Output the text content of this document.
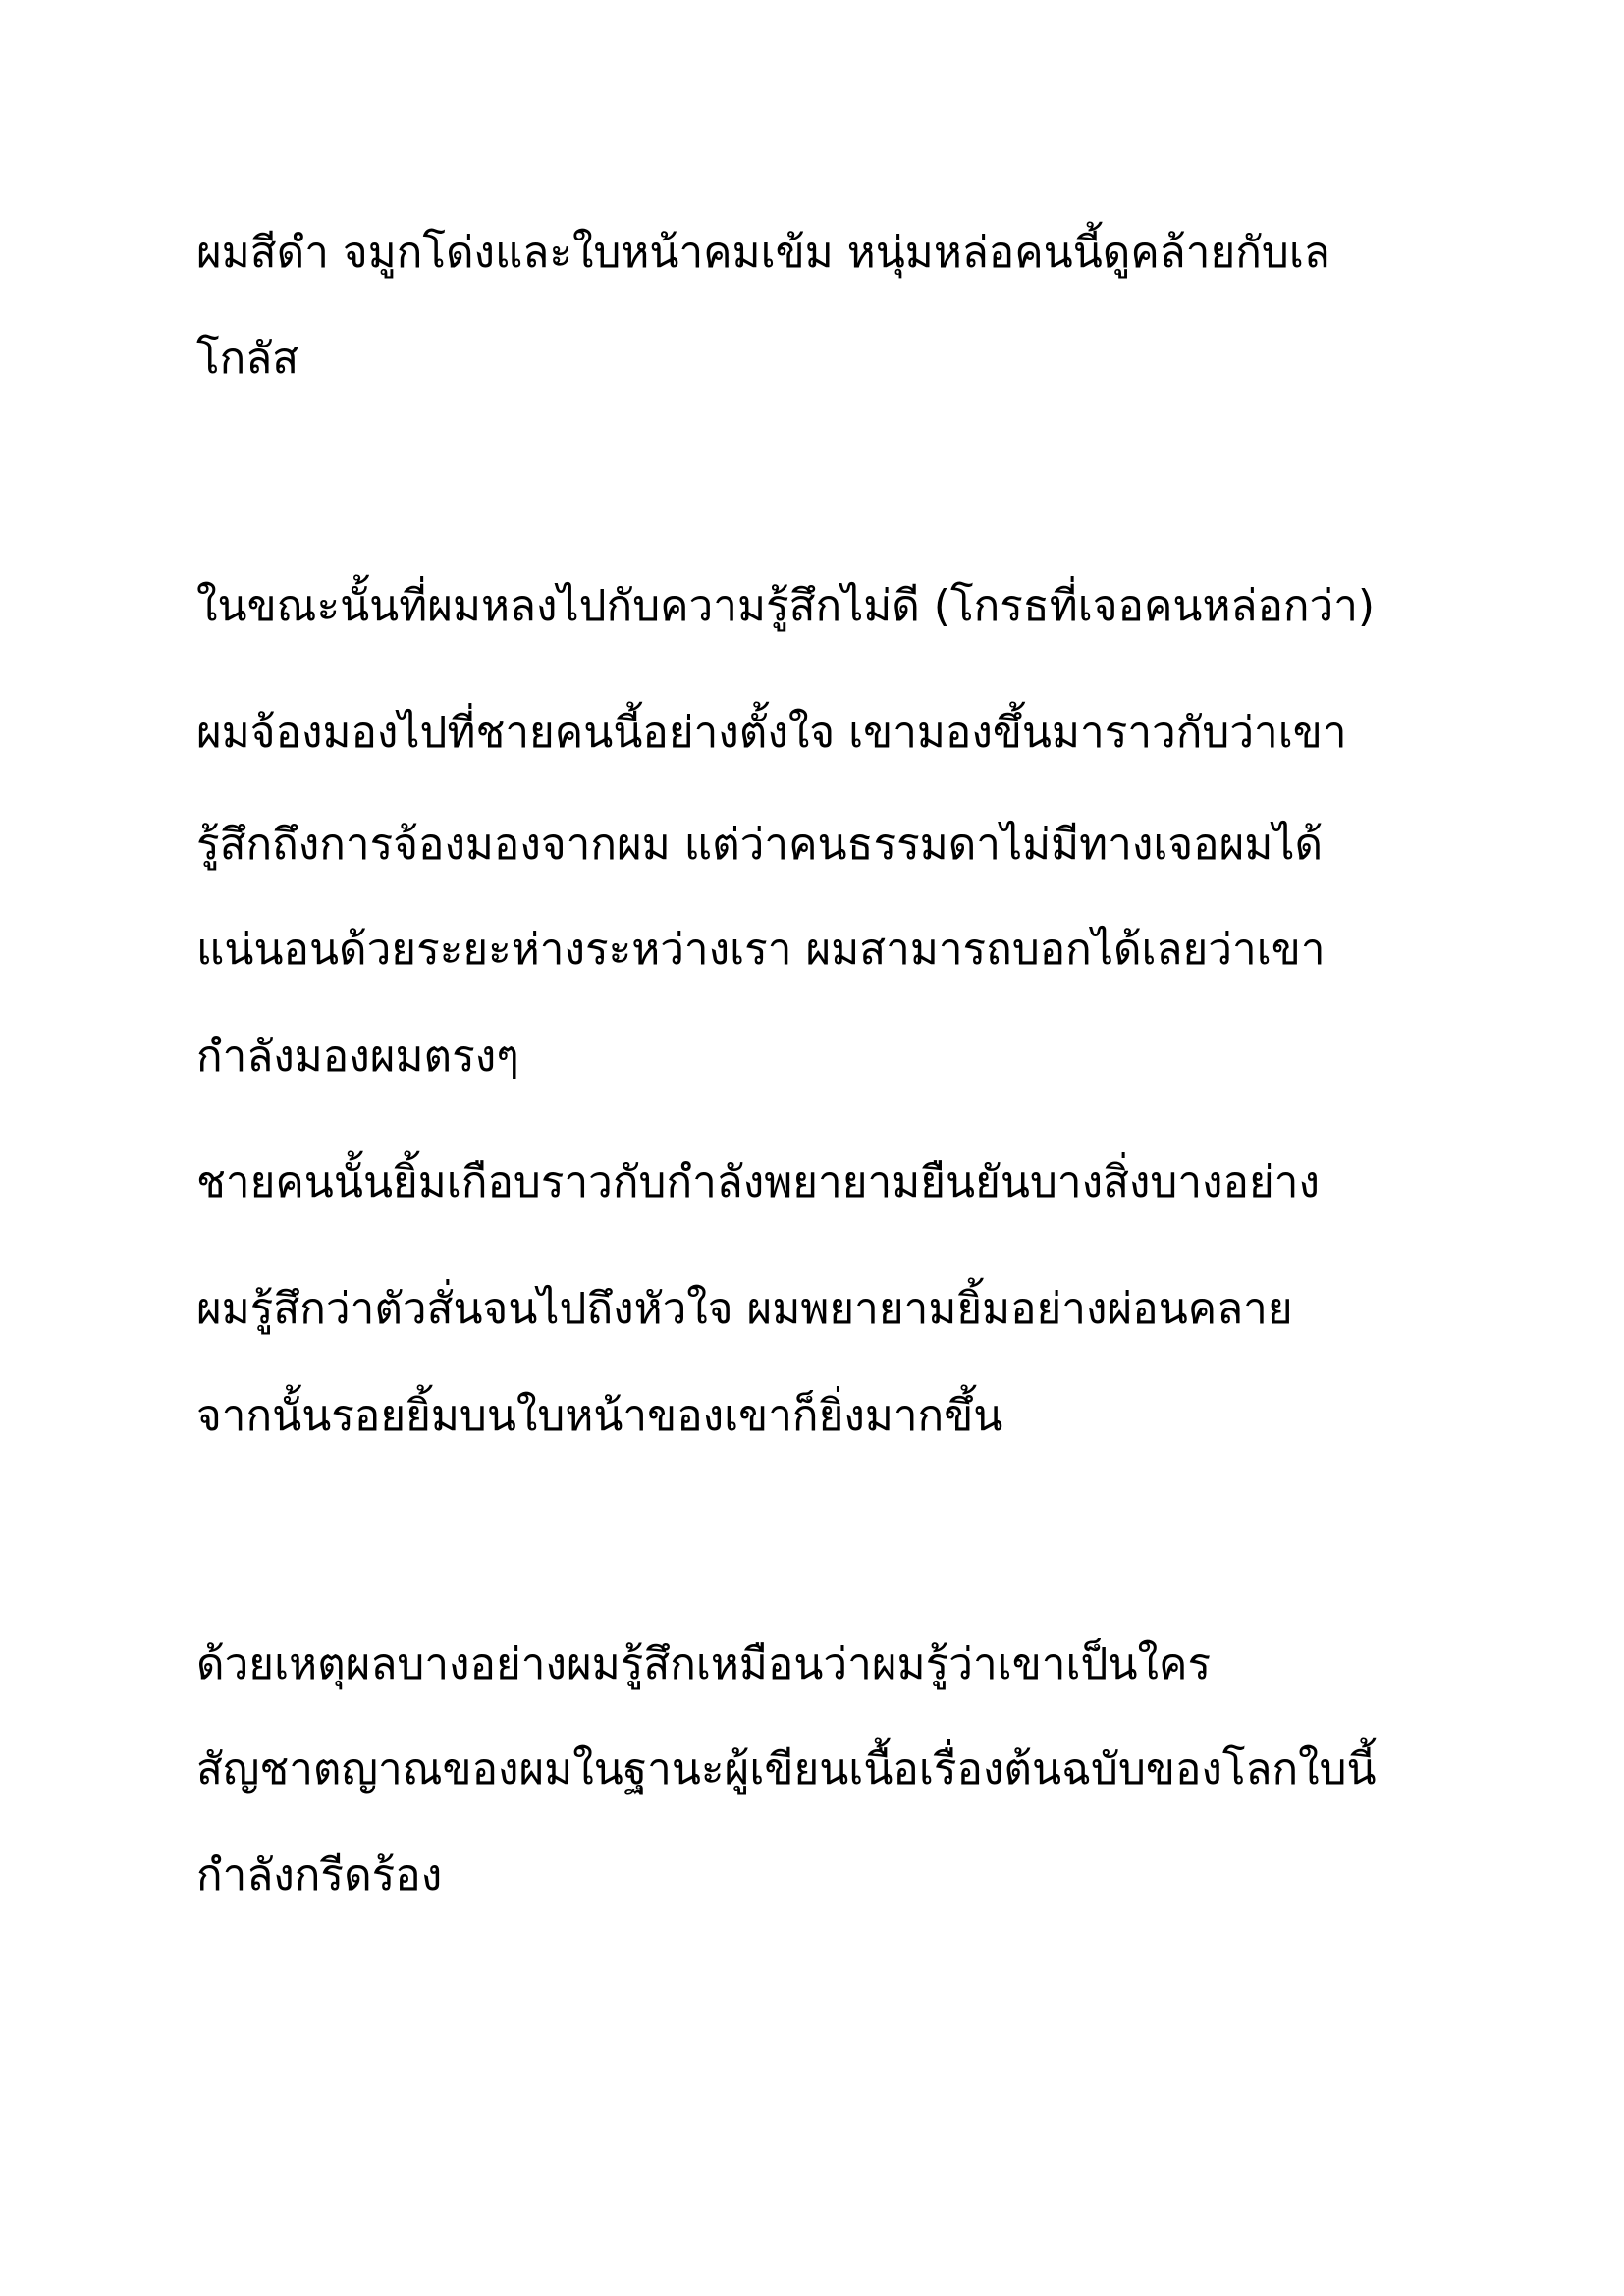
ผมสีดำ จมูกโด่งและใบหน้าคมเข้ม หนุ่มหล่อคนนี้ดูคล้ายกับเล
โกลัส
ในขณะนั้นที่ผมหลงไปกับความรู้สึกไม่ดี (โกรธที่เจอคนหล่อกว่า)
ผมจ้องมองไปที่ชายคนนี้อย่างตั้งใจ เขามองขึ้นมาราวกับว่าเขา
รู้สึกถึงการจ้องมองจากผม แต่ว่าคนธรรมดาไม่มีทางเจอผมได้
แน่นอนด้วยระยะห่างระหว่างเรา ผมสามารถบอกได้เลยว่าเขา
กำลังมองผมตรงๆ
ชายคนนั้นยิ้มเกือบราวกับกำลังพยายามยืนยันบางสิ่งบางอย่าง
ผมรู้สึกว่าตัวสั่นจนไปถึงหัวใจ ผมพยายามยิ้มอย่างผ่อนคลาย
จากนั้นรอยยิ้มบนใบหน้าของเขาก็ยิ่งมากขึ้น
ด้วยเหตุผลบางอย่างผมรู้สึกเหมือนว่าผมรู้ว่าเขาเป็นใคร
สัญชาตญาณของผมในฐานะผู้เขียนเนื้อเรื่องต้นฉบับของโลกใบนี้
กำลังกรีดร้อง
